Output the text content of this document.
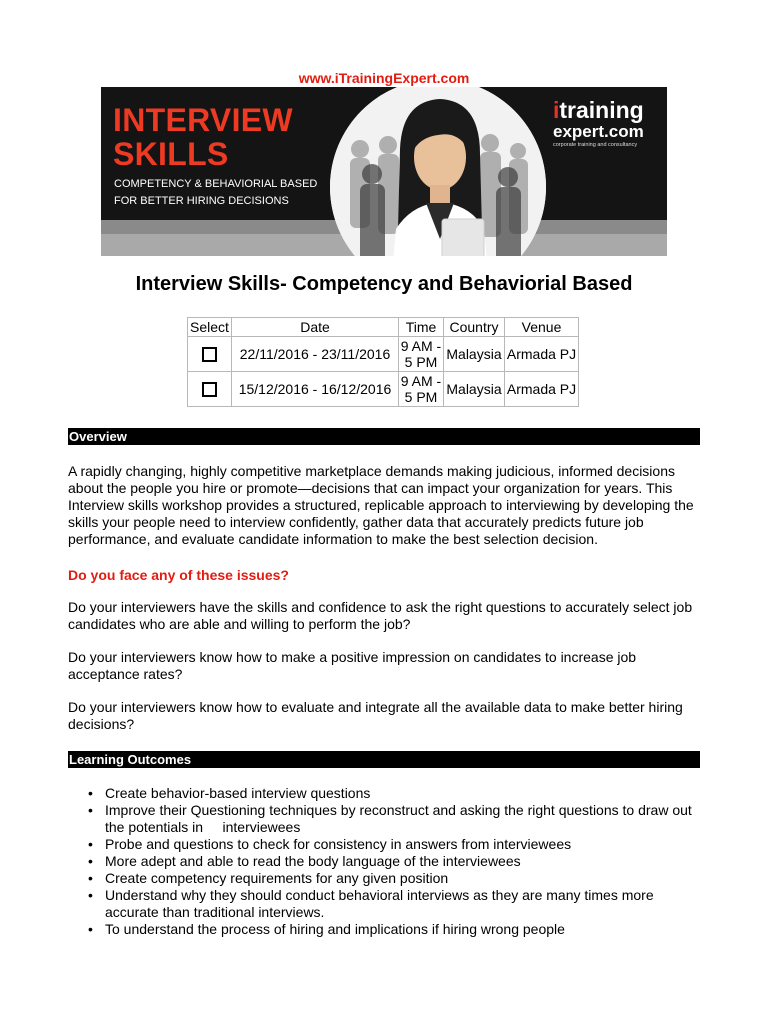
www.iTrainingExpert.com
INTERVIEW
SKILLS
COMPETENCY & BEHAVIORIAL BASED
FOR BETTER HIRING DECISIONS
itraining
expert.com
corporate training and consultancy
Interview Skills- Competency and Behaviorial Based
Select	Date	Time	Country	Venue
	22/11/2016 - 23/11/2016	9 AM -
5 PM	Malaysia	Armada PJ
	15/12/2016 - 16/12/2016	9 AM -
5 PM	Malaysia	Armada PJ
Overview
A rapidly changing, highly competitive marketplace demands making judicious, informed decisions about the people you hire or promote—decisions that can impact your organization for years. This Interview skills workshop provides a structured, replicable approach to interviewing by developing the skills your people need to interview confidently, gather data that accurately predicts future job performance, and evaluate candidate information to make the best selection decision.
Do you face any of these issues?
Do your interviewers have the skills and confidence to ask the right questions to accurately select job candidates who are able and willing to perform the job?
Do your interviewers know how to make a positive impression on candidates to increase job acceptance rates?
Do your interviewers know how to evaluate and integrate all the available data to make better hiring decisions?
Learning Outcomes
• Create behavior-based interview questions
• Improve their Questioning techniques by reconstruct and asking the right questions to draw out the potentials in     interviewees
• Probe and questions to check for consistency in answers from interviewees
• More adept and able to read the body language of the interviewees
• Create competency requirements for any given position
• Understand why they should conduct behavioral interviews as they are many times more accurate than traditional interviews.
• To understand the process of hiring and implications if hiring wrong people
